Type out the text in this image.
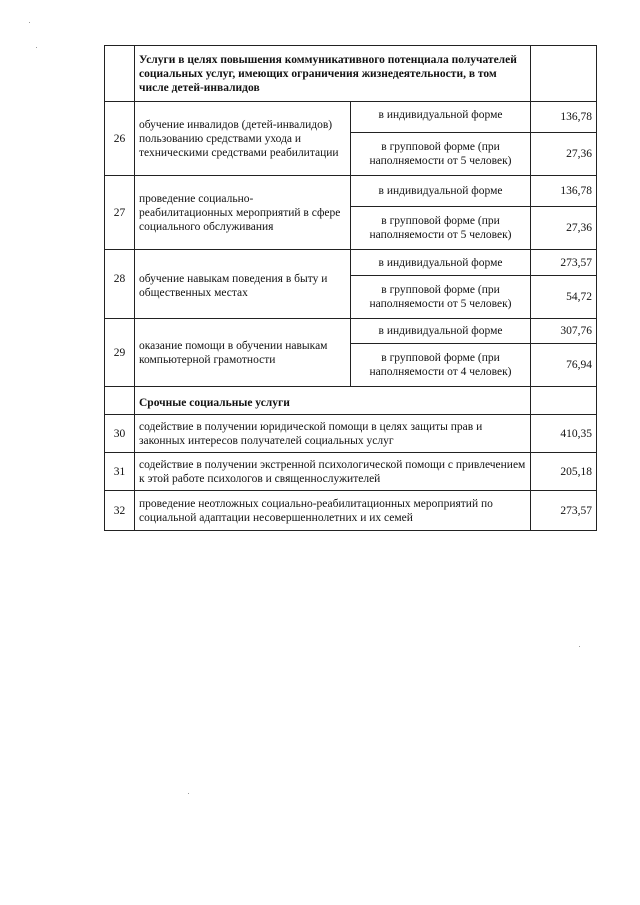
	Услуги в целях повышения коммуникативного потенциала получателей социальных услуг, имеющих ограничения жизнедеятельности, в том числе детей-инвалидов		
26	обучение инвалидов (детей-инвалидов) пользованию средствами ухода и техническими средствами реабилитации	в индивидуальной форме	136,78
		в групповой форме (при наполняемости от 5 человек)	27,36
27	проведение социально-реабилитационных мероприятий в сфере социального обслуживания	в индивидуальной форме	136,78
		в групповой форме (при наполняемости от 5 человек)	27,36
28	обучение навыкам поведения в быту и общественных местах	в индивидуальной форме	273,57
		в групповой форме (при наполняемости от 5 человек)	54,72
29	оказание помощи в обучении навыкам компьютерной грамотности	в индивидуальной форме	307,76
		в групповой форме (при наполняемости от 4 человек)	76,94
	Срочные социальные услуги		
30	содействие в получении юридической помощи в целях защиты прав и законных интересов получателей социальных услуг		410,35
31	содействие в получении экстренной психологической помощи с привлечением к этой работе психологов и священнослужителей		205,18
32	проведение неотложных социально-реабилитационных мероприятий по социальной адаптации несовершеннолетних и их семей		273,57
